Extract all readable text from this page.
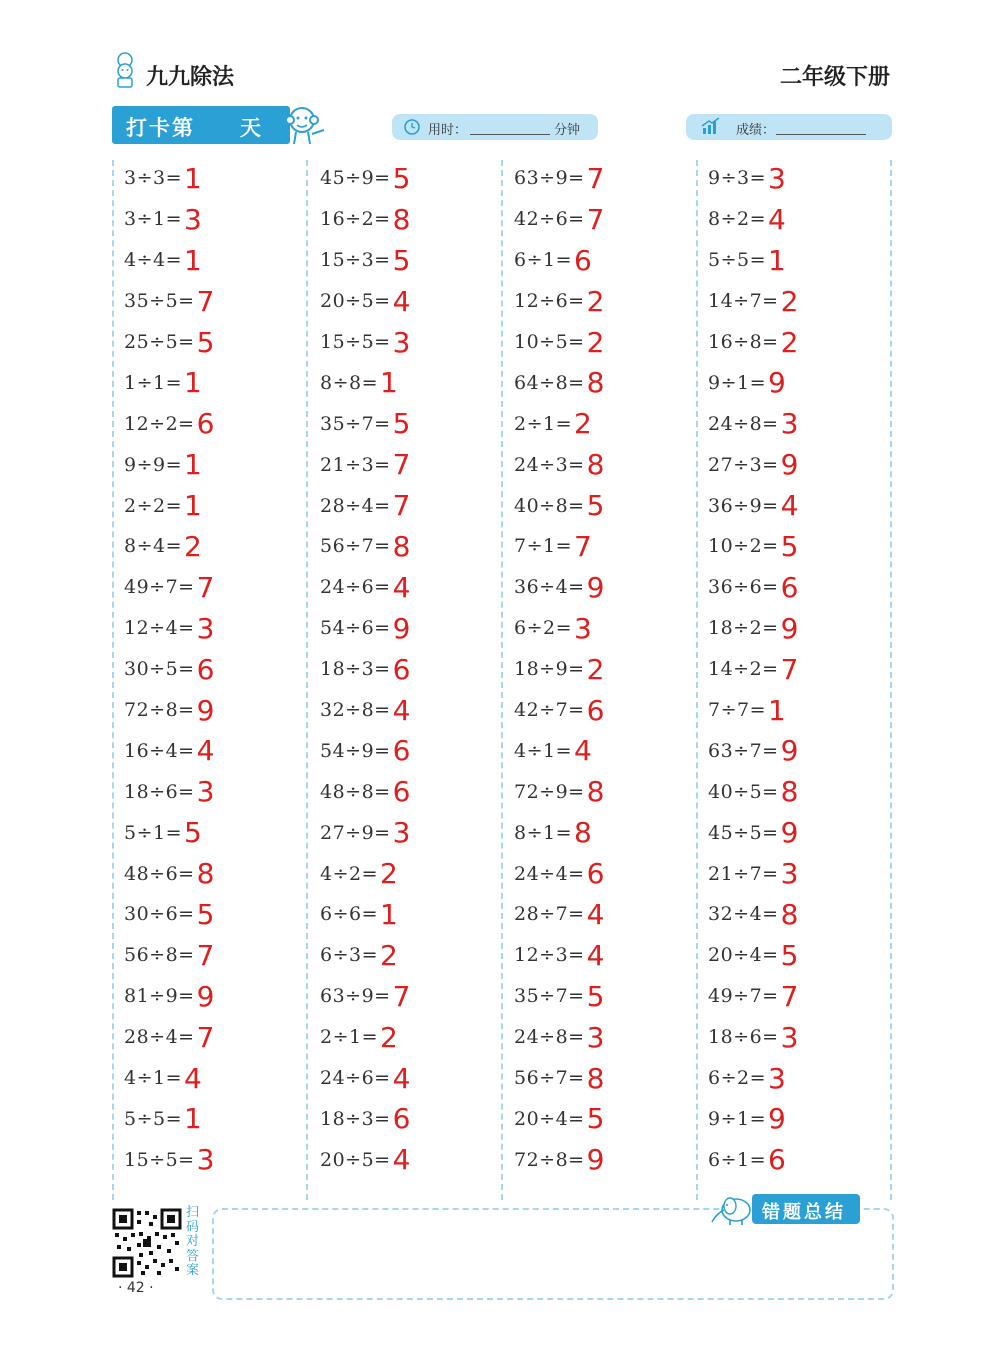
九九除法	二年级下册
打卡第 天	用时：	分钟	成绩：
3÷3= 1
3÷1= 3
4÷4= 1
35÷5= 7
25÷5= 5
1÷1= 1
12÷2= 6
9÷9= 1
2÷2= 1
8÷4= 2
49÷7= 7
12÷4= 3
30÷5= 6
72÷8= 9
16÷4= 4
18÷6= 3
5÷1= 5
48÷6= 8
30÷6= 5
56÷8= 7
81÷9= 9
28÷4= 7
4÷1= 4
5÷5= 1
15÷5= 3
45÷9= 5
16÷2= 8
15÷3= 5
20÷5= 4
15÷5= 3
8÷8= 1
35÷7= 5
21÷3= 7
28÷4= 7
56÷7= 8
24÷6= 4
54÷6= 9
18÷3= 6
32÷8= 4
54÷9= 6
48÷8= 6
27÷9= 3
4÷2= 2
6÷6= 1
6÷3= 2
63÷9= 7
2÷1= 2
24÷6= 4
18÷3= 6
20÷5= 4
63÷9= 7
42÷6= 7
6÷1= 6
12÷6= 2
10÷5= 2
64÷8= 8
2÷1= 2
24÷3= 8
40÷8= 5
7÷1= 7
36÷4= 9
6÷2= 3
18÷9= 2
42÷7= 6
4÷1= 4
72÷9= 8
8÷1= 8
24÷4= 6
28÷7= 4
12÷3= 4
35÷7= 5
24÷8= 3
56÷7= 8
20÷4= 5
72÷8= 9
9÷3= 3
8÷2= 4
5÷5= 1
14÷7= 2
16÷8= 2
9÷1= 9
24÷8= 3
27÷3= 9
36÷9= 4
10÷2= 5
36÷6= 6
18÷2= 9
14÷2= 7
7÷7= 1
63÷7= 9
40÷5= 8
45÷5= 9
21÷7= 3
32÷4= 8
20÷4= 5
49÷7= 7
18÷6= 3
6÷2= 3
9÷1= 9
6÷1= 6
错题总结
扫码对答案
· 42 ·
